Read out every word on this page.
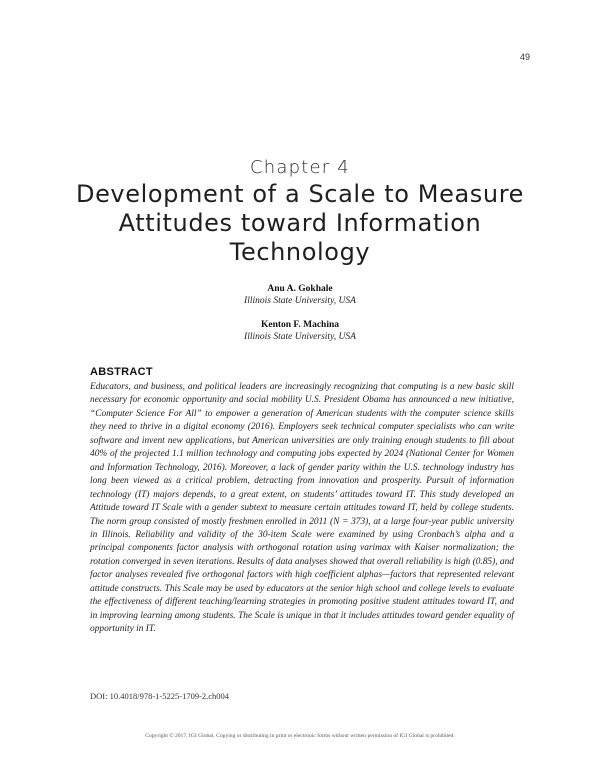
49
Chapter 4
Development of a Scale to Measure Attitudes toward Information Technology
Anu A. Gokhale
Illinois State University, USA
Kenton F. Machina
Illinois State University, USA
ABSTRACT

Educators, and business, and political leaders are increasingly recognizing that computing is a new basic skill necessary for economic opportunity and social mobility U.S. President Obama has announced a new initiative, “Computer Science For All” to empower a generation of American students with the computer science skills they need to thrive in a digital economy (2016). Employers seek technical computer specialists who can write software and invent new applications, but American universities are only training enough students to fill about 40% of the projected 1.1 million technology and computing jobs expected by 2024 (National Center for Women and Information Technology, 2016). Moreover, a lack of gender parity within the U.S. technology industry has long been viewed as a critical problem, detracting from innovation and prosperity. Pursuit of information technology (IT) majors depends, to a great extent, on students’ attitudes toward IT. This study developed an Attitude toward IT Scale with a gender subtext to measure certain attitudes toward IT, held by college students. The norm group consisted of mostly freshmen enrolled in 2011 (N = 373), at a large four-year public university in Illinois. Reliability and validity of the 30-item Scale were examined by using Cronbach’s alpha and a principal components factor analysis with orthogonal rotation using varimax with Kaiser normalization; the rotation converged in seven iterations. Results of data analyses showed that overall reliability is high (0.85), and factor analyses revealed five orthogonal factors with high coefficient alphas—factors that represented relevant attitude constructs. This Scale may be used by educators at the senior high school and college levels to evaluate the effectiveness of different teaching/learning strategies in promoting positive student attitudes toward IT, and in improving learning among students. The Scale is unique in that it includes attitudes toward gender equality of opportunity in IT.

DOI: 10.4018/978-1-5225-1709-2.ch004
Copyright © 2017, IGI Global. Copying or distributing in print or electronic forms without written permission of IGI Global is prohibited.
